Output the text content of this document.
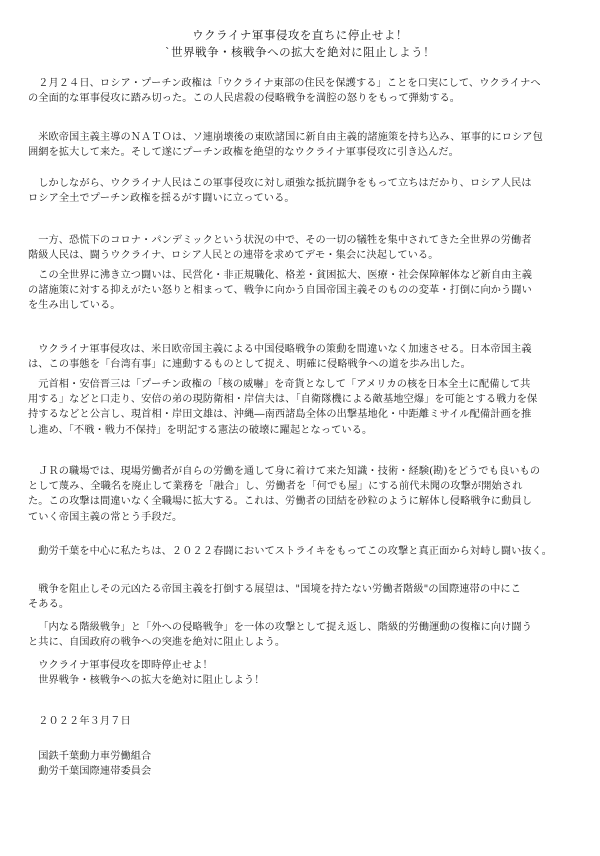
ウクライナ軍事侵攻を直ちに停止せよ！
`世界戦争・核戦争への拡大を絶対に阻止しよう！

２月２４日、ロシア・プーチン政権は「ウクライナ東部の住民を保護する」ことを口実にして、ウクライナへ

の全面的な軍事侵攻に踏み切った。この人民虐殺の侵略戦争を満腔の怒りをもって弾劾する。

米欧帝国主義主導のＮＡＴＯは、ソ連崩壊後の東欧諸国に新自由主義的諸施策を持ち込み、軍事的にロシア包

囲網を拡大して来た。そして遂にプーチン政権を絶望的なウクライナ軍事侵攻に引き込んだ。

しかしながら、ウクライナ人民はこの軍事侵攻に対し頑強な抵抗闘争をもって立ちはだかり、ロシア人民は

ロシア全土でプーチン政権を揺るがす闘いに立っている。

一方、恐慌下のコロナ・パンデミックという状況の中で、その一切の犠牲を集中されてきた全世界の労働者

階級人民は、闘うウクライナ、ロシア人民との連帯を求めてデモ・集会に決起している。

この全世界に沸き立つ闘いは、民営化・非正規職化、格差・貧困拡大、医療・社会保障解体など新自由主義

の諸施策に対する抑えがたい怒りと相まって、戦争に向かう自国帝国主義そのものの変革・打倒に向かう闘い

を生み出している。

ウクライナ軍事侵攻は、米日欧帝国主義による中国侵略戦争の策動を間違いなく加速させる。日本帝国主義

は、この事態を「台湾有事」に連動するものとして捉え、明確に侵略戦争への道を歩み出した。

元首相・安倍晋三は「プーチン政権の「核の威嚇」を奇貨となして「アメリカの核を日本全土に配備して共

用する」などと口走り、安倍の弟の現防衛相・岸信夫は、「自衛隊機による敵基地空爆」を可能とする戦力を保

持するなどと公言し、現首相・岸田文雄は、沖縄―南西諸島全体の出撃基地化・中距離ミサイル配備計画を推

し進め、「不戦・戦力不保持」を明記する憲法の破壊に躍起となっている。

ＪＲの職場では、現場労働者が自らの労働を通して身に着けて来た知識・技術・経験(勘)をどうでも良いもの

として蔑み、全職名を廃止して業務を「融合」し、労働者を「何でも屋」にする前代未聞の攻撃が開始され

た。この攻撃は間違いなく全職場に拡大する。これは、労働者の団結を砂粒のように解体し侵略戦争に動員し

ていく帝国主義の常とう手段だ。

動労千葉を中心に私たちは、２０２２春闘においてストライキをもってこの攻撃と真正面から対峙し闘い抜く。

戦争を阻止しその元凶たる帝国主義を打倒する展望は、"国境を持たない労働者階級"の国際連帯の中にこ

そある。

「内なる階級戦争」と「外への侵略戦争」を一体の攻撃として捉え返し、階級的労働運動の復権に向け闘う

と共に、自国政府の戦争への突進を絶対に阻止しよう。

ウクライナ軍事侵攻を即時停止せよ！

世界戦争・核戦争への拡大を絶対に阻止しよう！

２０２２年３月７日

国鉄千葉動力車労働組合

動労千葉国際連帯委員会
